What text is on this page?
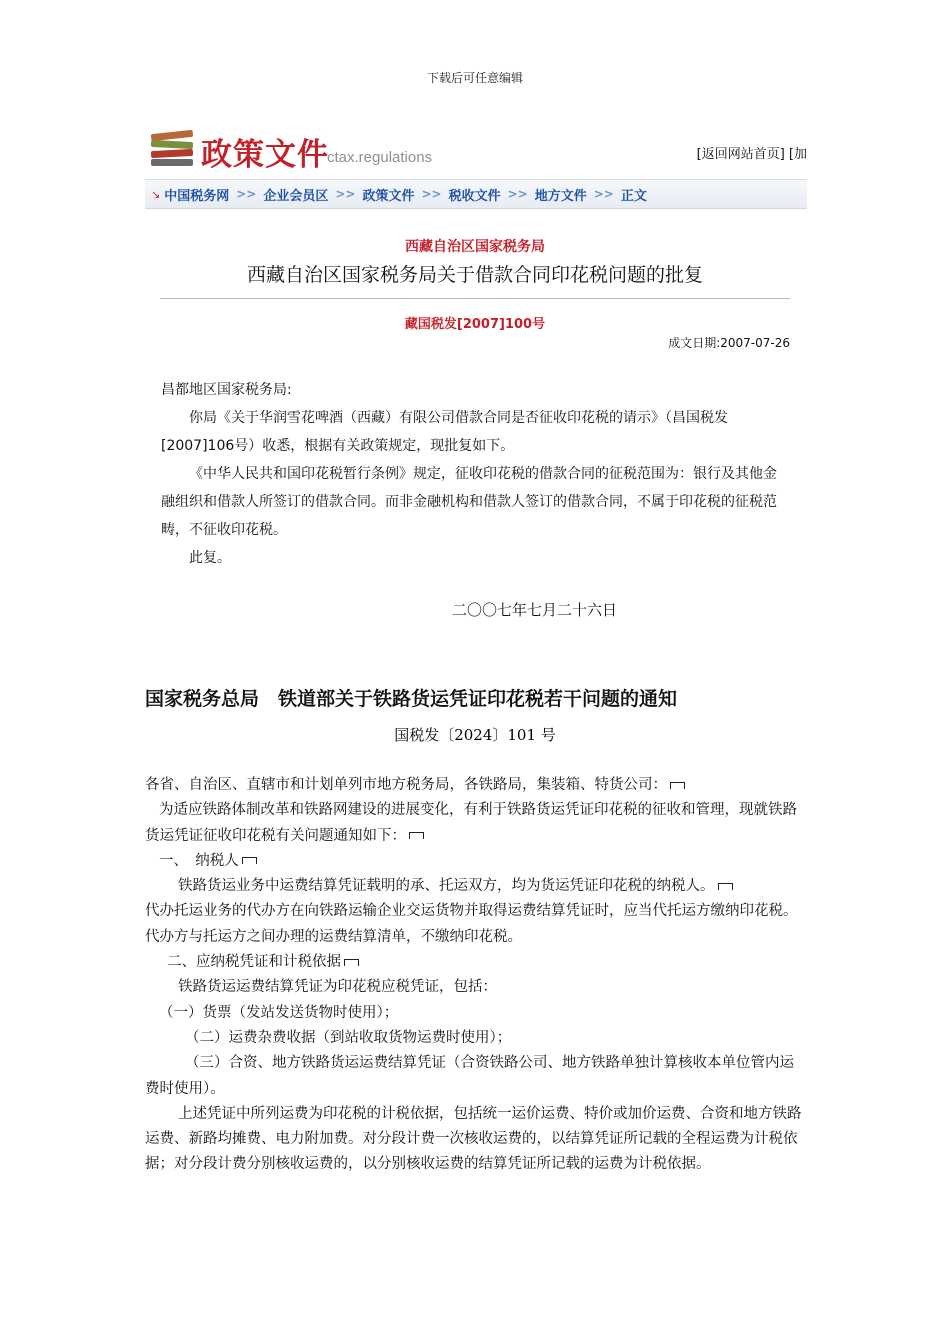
下载后可任意编辑
政策文件
ctax.regulations	[返回网站首页] [加
↘ 中国税务网 >> 企业会员区 >> 政策文件 >> 税收文件 >> 地方文件 >> 正文
西藏自治区国家税务局
西藏自治区国家税务局关于借款合同印花税问题的批复
藏国税发[2007]100号
成文日期:2007-07-26

昌都地区国家税务局:

你局《关于华润雪花啤酒（西藏）有限公司借款合同是否征收印花税的请示》（昌国税发[2007]106号）收悉，根据有关政策规定，现批复如下。

《中华人民共和国印花税暂行条例》规定，征收印花税的借款合同的征税范围为：银行及其他金融组织和借款人所签订的借款合同。而非金融机构和借款人签订的借款合同，不属于印花税的征税范畴，不征收印花税。

此复。

二〇〇七年七月二十六日
国家税务总局　铁道部关于铁路货运凭证印花税若干问题的通知
国税发〔2024〕101 号

各省、自治区、直辖市和计划单列市地方税务局，各铁路局，集装箱、特货公司：

为适应铁路体制改革和铁路网建设的进展变化，有利于铁路货运凭证印花税的征收和管理，现就铁路货运凭证征收印花税有关问题通知如下：

一、　纳税人

铁路货运业务中运费结算凭证载明的承、托运双方，均为货运凭证印花税的纳税人。

代办托运业务的代办方在向铁路运输企业交运货物并取得运费结算凭证时，应当代托运方缴纳印花税。代办方与托运方之间办理的运费结算清单，不缴纳印花税。

二、应纳税凭证和计税依据

铁路货运运费结算凭证为印花税应税凭证，包括：

（一）货票（发站发送货物时使用）；

（二）运费杂费收据（到站收取货物运费时使用）；

（三）合资、地方铁路货运运费结算凭证（合资铁路公司、地方铁路单独计算核收本单位管内运费时使用）。

上述凭证中所列运费为印花税的计税依据，包括统一运价运费、特价或加价运费、合资和地方铁路运费、新路均摊费、电力附加费。对分段计费一次核收运费的，以结算凭证所记载的全程运费为计税依据；对分段计费分别核收运费的，以分别核收运费的结算凭证所记载的运费为计税依据。
